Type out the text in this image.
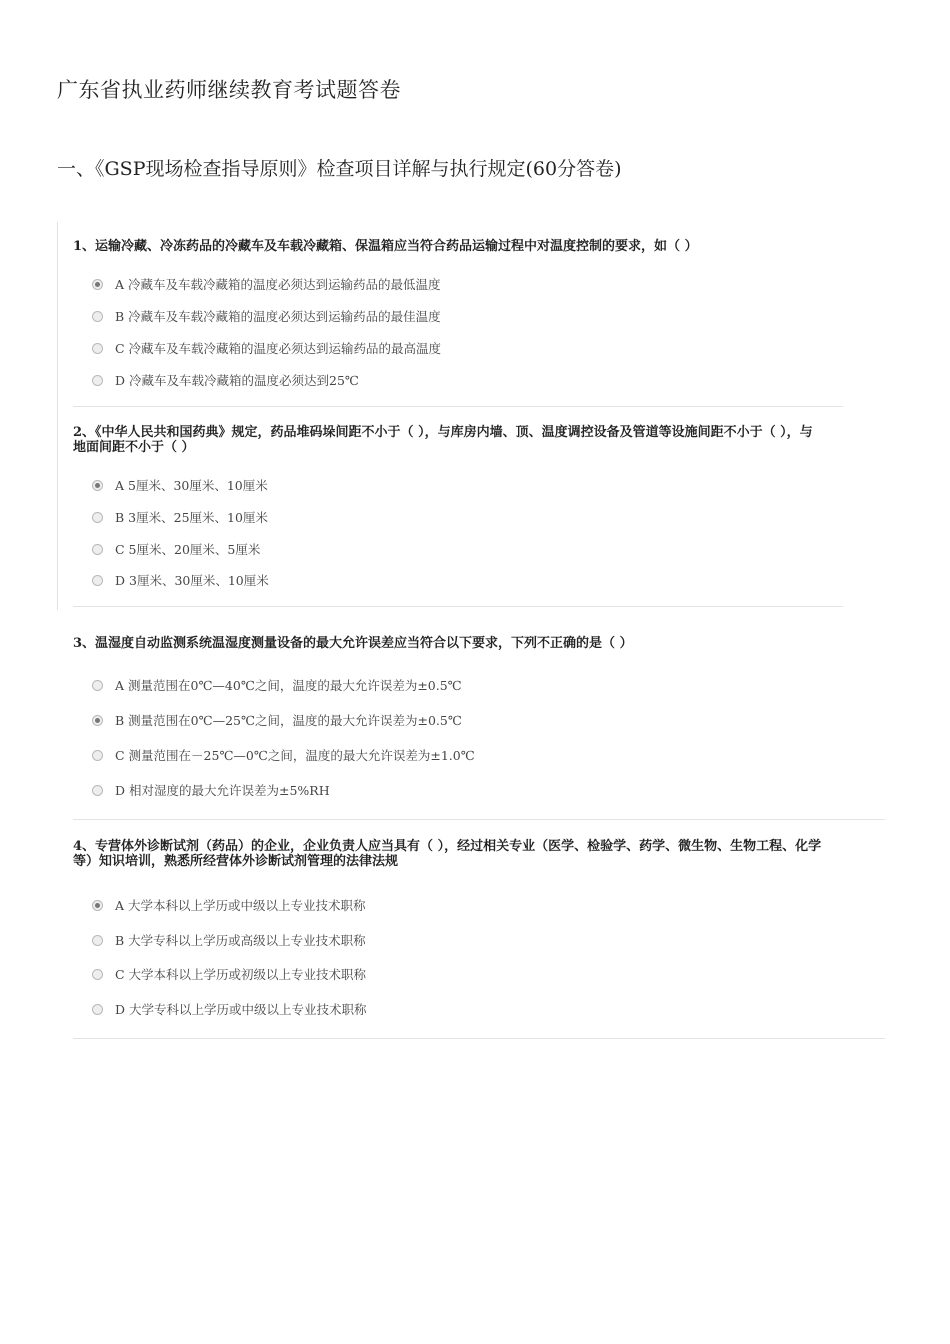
广东省执业药师继续教育考试题答卷
一、《GSP现场检查指导原则》检查项目详解与执行规定(60分答卷)
1、运输冷藏、冷冻药品的冷藏车及车载冷藏箱、保温箱应当符合药品运输过程中对温度控制的要求，如（ ）
A 冷藏车及车载冷藏箱的温度必须达到运输药品的最低温度
B 冷藏车及车载冷藏箱的温度必须达到运输药品的最佳温度
C 冷藏车及车载冷藏箱的温度必须达到运输药品的最高温度
D 冷藏车及车载冷藏箱的温度必须达到25℃
2、《中华人民共和国药典》规定，药品堆码垛间距不小于（ ），与库房内墙、顶、温度调控设备及管道等设施间距不小于（ ），与
地面间距不小于（ ）
A 5厘米、30厘米、10厘米
B 3厘米、25厘米、10厘米
C 5厘米、20厘米、5厘米
D 3厘米、30厘米、10厘米
3、温湿度自动监测系统温湿度测量设备的最大允许误差应当符合以下要求，下列不正确的是（ ）
A 测量范围在0℃—40℃之间，温度的最大允许误差为±0.5℃
B 测量范围在0℃—25℃之间，温度的最大允许误差为±0.5℃
C 测量范围在－25℃—0℃之间，温度的最大允许误差为±1.0℃
D 相对湿度的最大允许误差为±5%RH
4、专营体外诊断试剂（药品）的企业，企业负责人应当具有（ ），经过相关专业（医学、检验学、药学、微生物、生物工程、化学
等）知识培训，熟悉所经营体外诊断试剂管理的法律法规
A 大学本科以上学历或中级以上专业技术职称
B 大学专科以上学历或高级以上专业技术职称
C 大学本科以上学历或初级以上专业技术职称
D 大学专科以上学历或中级以上专业技术职称
